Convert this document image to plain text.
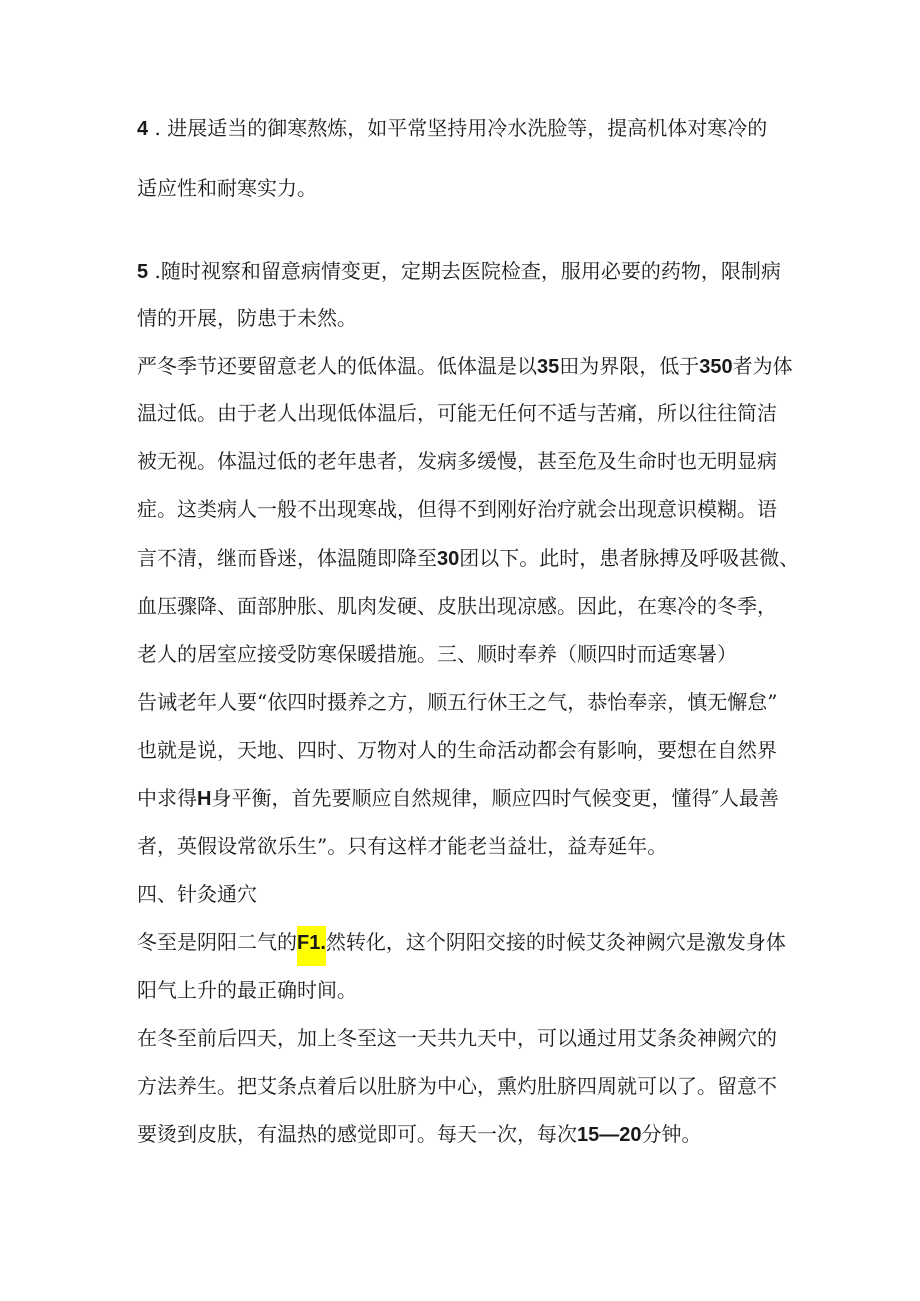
4 . 进展适当的御寒熬炼，如平常坚持用冷水洗脸等，提高机体对寒冷的
适应性和耐寒实力。
5 .随时视察和留意病情变更，定期去医院检查，服用必要的药物，限制病
情的开展，防患于未然。
严冬季节还要留意老人的低体温。低体温是以35田为界限，低于350者为体
温过低。由于老人出现低体温后，可能无任何不适与苦痛，所以往往简洁
被无视。体温过低的老年患者，发病多缓慢，甚至危及生命时也无明显病
症。这类病人一般不出现寒战，但得不到刚好治疗就会出现意识模糊。语
言不清，继而昏迷，体温随即降至30团以下。此时，患者脉搏及呼吸甚微、
血压骤降、面部肿胀、肌肉发硬、皮肤出现凉感。因此，在寒冷的冬季，
老人的居室应接受防寒保暖措施。三、顺时奉养（顺四时而适寒暑）
告诫老年人要“依四时摄养之方，顺五行休王之气，恭怡奉亲，慎无懈怠”
也就是说，天地、四时、万物对人的生命活动都会有影响，要想在自然界
中求得H身平衡，首先要顺应自然规律，顺应四时气候变更，懂得″人最善
者，英假设常欲乐生”。只有这样才能老当益壮，益寿延年。
四、针灸通穴
冬至是阴阳二气的F1.然转化，这个阴阳交接的时候艾灸神阙穴是激发身体
阳气上升的最正确时间。
在冬至前后四天，加上冬至这一天共九天中，可以通过用艾条灸神阙穴的
方法养生。把艾条点着后以肚脐为中心，熏灼肚脐四周就可以了。留意不
要烫到皮肤，有温热的感觉即可。每天一次，每次15—20分钟。
